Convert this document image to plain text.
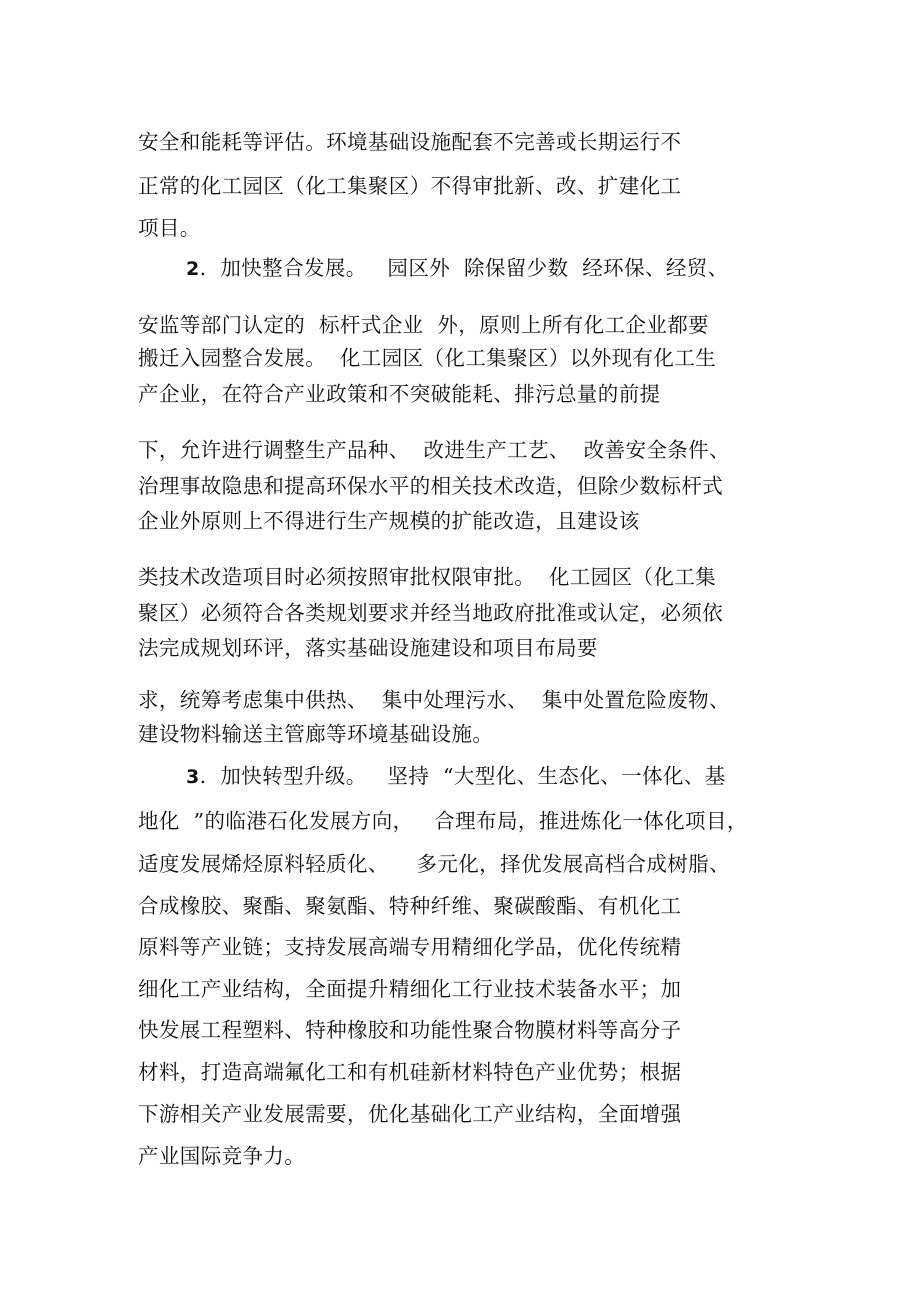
安全和能耗等评估。环境基础设施配套不完善或长期运行不
正常的化工园区（化工集聚区）不得审批新、改、扩建化工
项目。
2.  加快整合发展。   园区外  除保留少数  经环保、经贸、
安监等部门认定的  标杆式企业  外，原则上所有化工企业都要
搬迁入园整合发展。  化工园区（化工集聚区）以外现有化工生
产企业，在符合产业政策和不突破能耗、排污总量的前提
下，允许进行调整生产品种、  改进生产工艺、  改善安全条件、
治理事故隐患和提高环保水平的相关技术改造，但除少数标杆式
企业外原则上不得进行生产规模的扩能改造，且建设该
类技术改造项目时必须按照审批权限审批。  化工园区（化工集
聚区）必须符合各类规划要求并经当地政府批准或认定，必须依
法完成规划环评，落实基础设施建设和项目布局要
求，统筹考虑集中供热、  集中处理污水、  集中处置危险废物、
建设物料输送主管廊等环境基础设施。
3.  加快转型升级。   坚持  “大型化、生态化、一体化、基
地化  ”的临港石化发展方向，   合理布局，推进炼化一体化项目，
适度发展烯烃原料轻质化、    多元化，择优发展高档合成树脂、
合成橡胶、聚酯、聚氨酯、特种纤维、聚碳酸酯、有机化工
原料等产业链；支持发展高端专用精细化学品，优化传统精
细化工产业结构，全面提升精细化工行业技术装备水平；加
快发展工程塑料、特种橡胶和功能性聚合物膜材料等高分子
材料，打造高端氟化工和有机硅新材料特色产业优势；根据
下游相关产业发展需要，优化基础化工产业结构，全面增强
产业国际竞争力。
